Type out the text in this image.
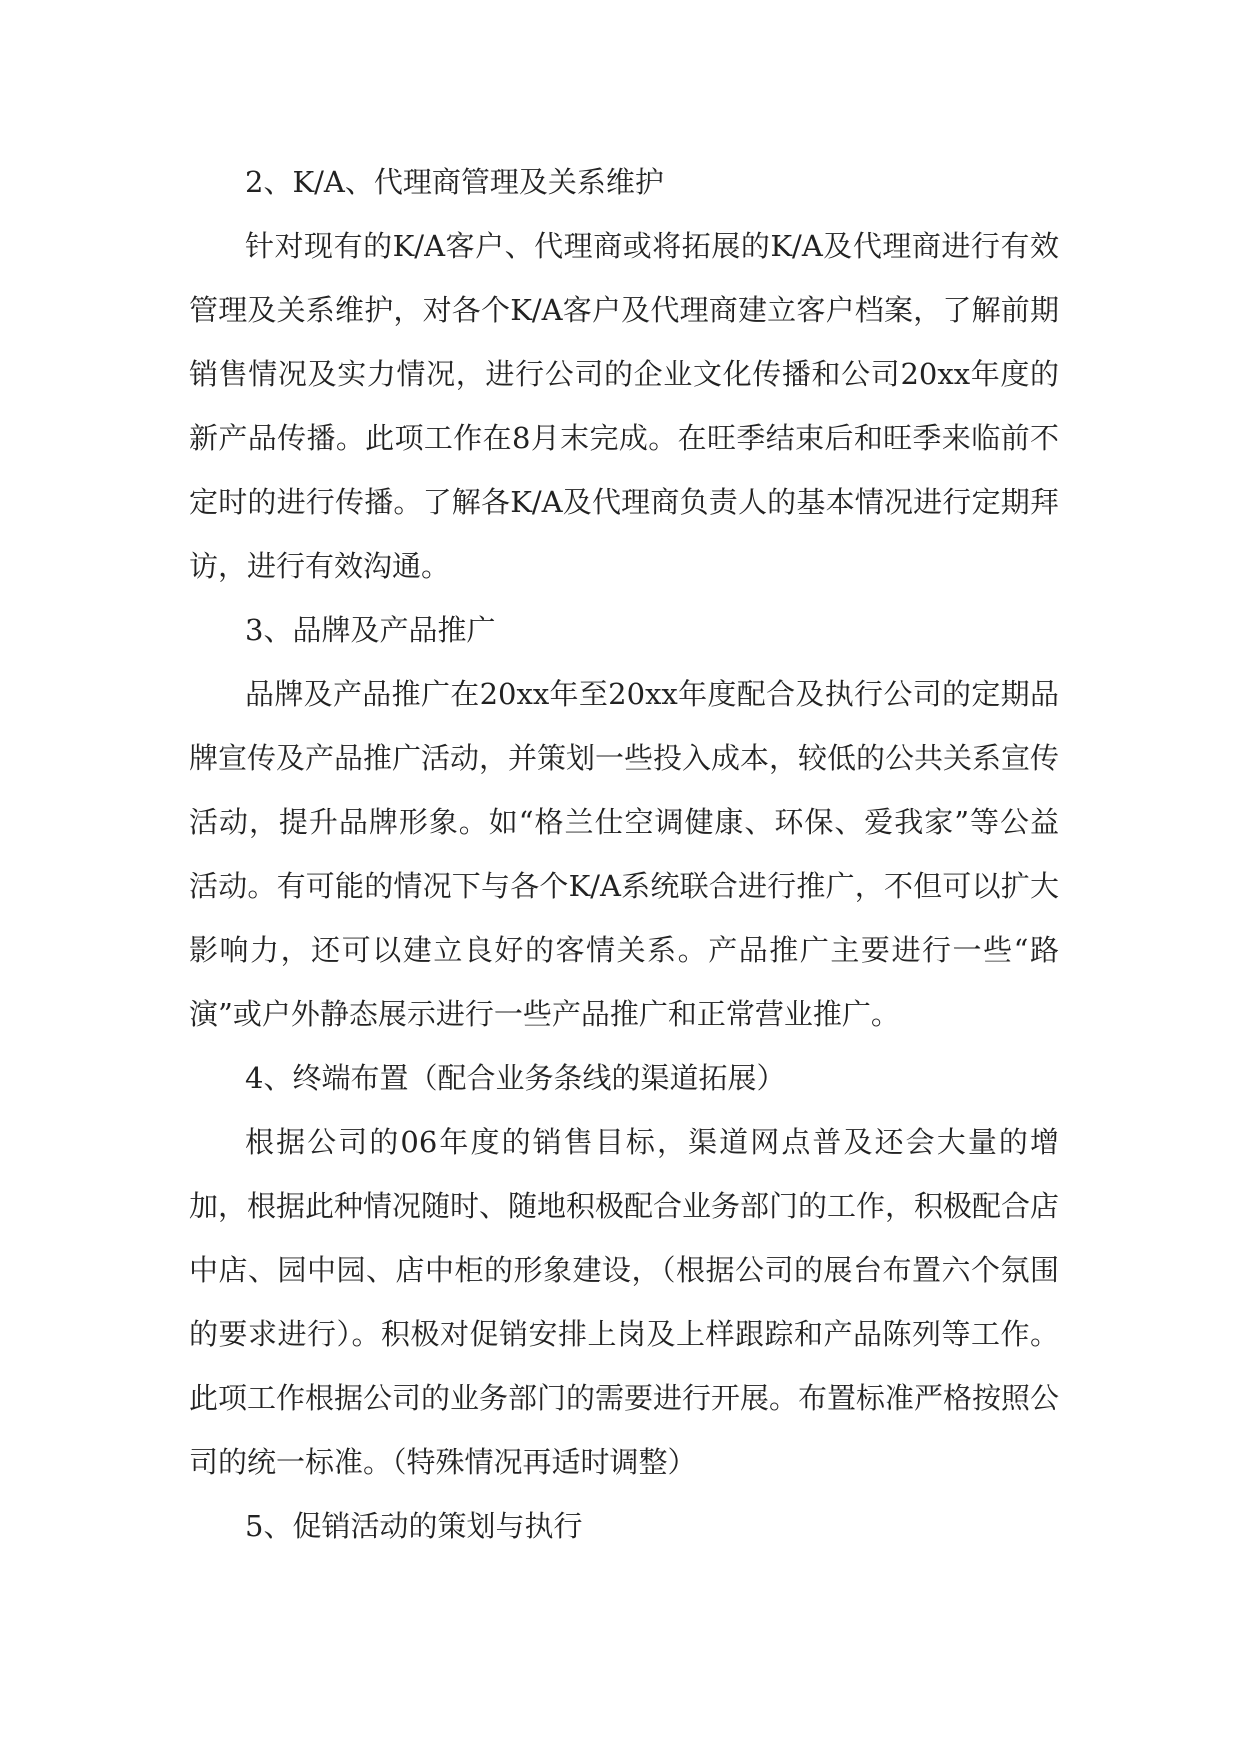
2、K/A、代理商管理及关系维护

针对现有的K/A客户、代理商或将拓展的K/A及代理商进行有效管理及关系维护，对各个K/A客户及代理商建立客户档案，了解前期销售情况及实力情况，进行公司的企业文化传播和公司20xx年度的新产品传播。此项工作在8月末完成。在旺季结束后和旺季来临前不定时的进行传播。了解各K/A及代理商负责人的基本情况进行定期拜访，进行有效沟通。

3、品牌及产品推广

品牌及产品推广在20xx年至20xx年度配合及执行公司的定期品牌宣传及产品推广活动，并策划一些投入成本，较低的公共关系宣传活动，提升品牌形象。如“格兰仕空调健康、环保、爱我家”等公益活动。有可能的情况下与各个K/A系统联合进行推广，不但可以扩大影响力，还可以建立良好的客情关系。产品推广主要进行一些“路演”或户外静态展示进行一些产品推广和正常营业推广。

4、终端布置（配合业务条线的渠道拓展）

根据公司的06年度的销售目标，渠道网点普及还会大量的增加，根据此种情况随时、随地积极配合业务部门的工作，积极配合店中店、园中园、店中柜的形象建设，（根据公司的展台布置六个氛围的要求进行）。积极对促销安排上岗及上样跟踪和产品陈列等工作。此项工作根据公司的业务部门的需要进行开展。布置标准严格按照公司的统一标准。（特殊情况再适时调整）

5、促销活动的策划与执行
